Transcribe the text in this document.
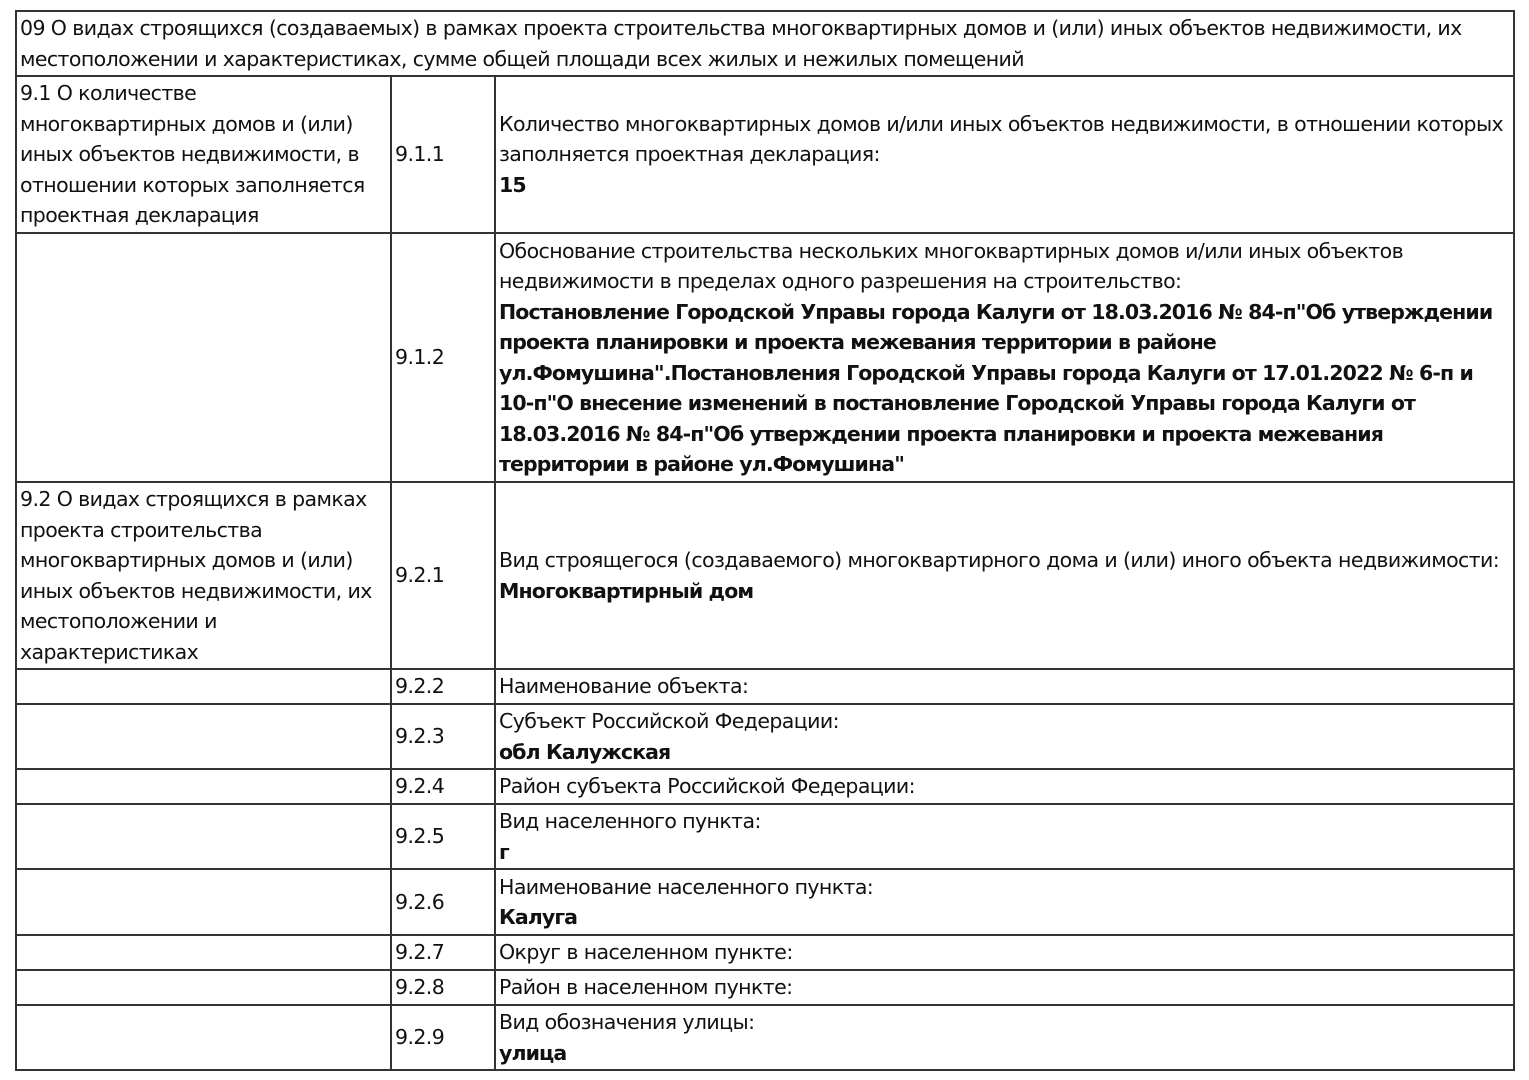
09 О видах строящихся (создаваемых) в рамках проекта строительства многоквартирных домов и (или) иных объектов недвижимости, их местоположении и характеристиках, сумме общей площади всех жилых и нежилых помещений		

9.1 О количестве многоквартирных домов и (или) иных объектов недвижимости, в отношении которых заполняется проектная декларация	9.1.1	Количество многоквартирных домов и/или иных объектов недвижимости, в отношении которых заполняется проектная декларация:
15

	9.1.2	Обоснование строительства нескольких многоквартирных домов и/или иных объектов недвижимости в пределах одного разрешения на строительство:
Постановление Городской Управы города Калуги от 18.03.2016 № 84-п"Об утверждении проекта планировки и проекта межевания территории в районе ул.Фомушина".Постановления Городской Управы города Калуги от 17.01.2022 № 6-п и 10-п"О внесение изменений в постановление Городской Управы города Калуги от 18.03.2016 № 84-п"Об утверждении проекта планировки и проекта межевания территории в районе ул.Фомушина"

9.2 О видах строящихся в рамках проекта строительства многоквартирных домов и (или) иных объектов недвижимости, их местоположении и характеристиках	9.2.1	Вид строящегося (создаваемого) многоквартирного дома и (или) иного объекта недвижимости:
Многоквартирный дом

	9.2.2	Наименование объекта:

	9.2.3	Субъект Российской Федерации:
обл Калужская

	9.2.4	Район субъекта Российской Федерации:

	9.2.5	Вид населенного пункта:
г

	9.2.6	Наименование населенного пункта:
Калуга

	9.2.7	Округ в населенном пункте:

	9.2.8	Район в населенном пункте:

	9.2.9	Вид обозначения улицы:
улица
